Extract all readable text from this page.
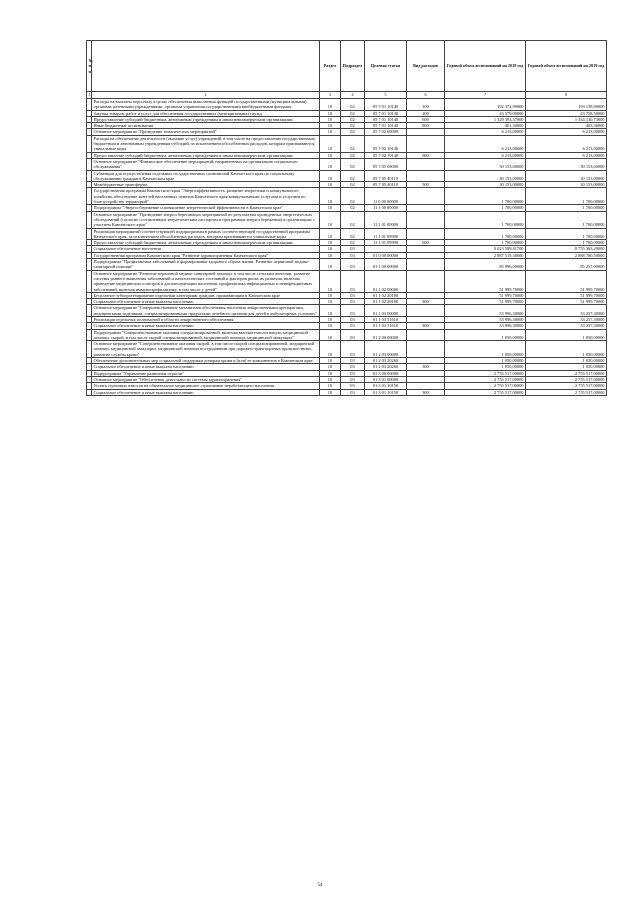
№ п/п		Раздел	Подраздел	Целевая статья	Вид расходов	Годовой объем ассигнований на 2018 год	Годовой объем ассигнований на 2019 год
1	2	3	4	5	6	7	8
	Расходы на выплаты персоналу в целях обеспечения выполнения функций государственными (муниципальными) органами, казенными учреждениями, органами управления государственными внебюджетными фондами	10	02	05 7 01 10140	100	192 372,90000	193 138,90000
	Закупка товаров, работ и услуг для обеспечения государственных (муниципальных) нужд	10	02	05 7 01 10140	200	43 579,00000	43 758,50000
	Предоставление субсидий бюджетным, автономным учреждениям и иным некоммерческим организациям	10	02	05 7 01 10140	600	1 329 393,37000	1 334 130,73000
	Иные бюджетные ассигнования	10	02	05 7 01 10140	800	401,30000	403,30000
	Основное мероприятие "Проведение тематических мероприятий"	10	02	05 7 02 00000		6 213,00000	6 213,00000
	Расходы на обеспечение деятельности (оказание услуг) учреждений, в том числе на предоставление государственным бюджетным и автономным учреждениям субсидий, за исключением обособленных расходов, которым присваиваются уникальные коды	10	02	05 7 02 10140		6 213,00000	6 213,00000
	Предоставление субсидий бюджетным, автономным учреждениям и иным некоммерческим организациям	10	02	05 7 02 10140	600	6 213,00000	6 213,00000
	Основное мероприятие "Финансовое обеспечение мероприятий, направленных на организацию социального обслуживания"	10	02	05 7 05 00000		30 153,00000	30 153,00000
	Субвенции для осуществления отдельных государственных полномочий Камчатского края по социальному обслуживанию граждан в Камчатском крае	10	02	05 7 05 40110		30 153,00000	30 153,00000
	Межбюджетные трансферты	10	02	05 7 05 40110	500	30 153,00000	30 153,00000
	Государственная программа Камчатского края "Энергоэффективность, развитие энергетики и коммунального хозяйства, обеспечение жителей населенных пунктов Камчатского края коммунальными услугами и услугами по благоустройству территорий"	10	02	11 0 00 00000		1 700,00000	1 700,00000
	Подпрограмма "Энергосбережение и повышение энергетической эффективности в Камчатском крае"	10	02	11 1 00 00000		1 700,00000	1 700,00000
	Основное мероприятие "Проведение энергосберегающих мероприятий по результатам проведенных энергетических обследований (согласно составленным энергетическим паспортам и программам энергосбережения) в организациях с участием Камчатского края"	10	02	11 1 01 00000		1 700,00000	1 700,00000
	Реализация мероприятий соответствующей подпрограммы в рамках соответствующей государственной программы Камчатского края, за исключением обособленных расходов, которым присваиваются уникальные коды	10	02	11 1 01 09990		1 700,00000	1 700,00000
	Предоставление субсидий бюджетным, автономным учреждениям и иным некоммерческим организациям	10	02	11 1 01 09990	600	1 700,00000	1 700,00000
	Социальное обеспечение населения	10	03			9 023 589,41700	8 755 363,20000
	Государственная программа Камчатского края "Развитие здравоохранения Камчатского края"	10	03	01 0 00 00000		2 887 519,30000	2 888 780,50000
	Подпрограмма "Профилактика заболеваний и формирование здорового образа жизни. Развитие первичной медико-санитарной помощи"	10	03	01 1 00 00000		85 996,00000	85 257,00000
	Основное мероприятие "Развитие первичной медико-санитарной помощи, в том числе сельским жителям, развитие системы раннего выявления заболеваний и патологических состояний и факторов риска их развития, включая проведение медицинских осмотров и диспансеризации населения, профилактика инфекционных и неинфекционных заболеваний, включая иммунопрофилактику, в том числе у детей"	10	03	01 1 02 00000		51 999,70000	51 999,70000
	Бесплатное зубопротезирование отдельным категориям граждан, проживающим в Камчатском крае	10	03	01 1 02 20180		51 999,70000	51 999,70000
	Социальное обеспечение и иные выплаты населению	10	03	01 1 02 20180	300	51 999,70000	51 999,70000
	Основное мероприятие "Совершенствование механизмов обеспечения населения лекарственными препаратами, медицинскими изделиями, специализированными продуктами лечебного питания для детей в амбулаторных условиях"	10	03	01 1 03 00000		33 996,30000	33 257,30000
	Реализация отдельных полномочий в области лекарственного обеспечения	10	03	01 1 03 51610		33 996,30000	33 257,30000
	Социальное обеспечение и иные выплаты населению	10	03	01 1 03 51610	300	33 996,30000	33 257,30000
	Подпрограмма "Совершенствование оказания специализированной, включая высокотехнологичную, медицинской помощи, скорой, в том числе скорой специализированной, медицинской помощи, медицинской эвакуации"	10	03	01 2 00 00000		1 050,00000	1 050,00000
	Основное мероприятие "Совершенствование оказания скорой, в том числе скорой специализированной, медицинской помощи, медицинской эвакуации, медицинской помощи пострадавшим при дорожно-транспортных происшествиях, развитие службы крови"	10	03	01 2 03 00000		1 050,00000	1 050,00000
	Обеспечение дополнительных мер социальной поддержки донорам крови и (или) ее компонентов в Камчатском крае	10	03	01 2 03 20260		1 050,00000	1 050,00000
	Социальное обеспечение и иные выплаты населению	10	03	01 2 03 20260	300	1 050,00000	1 050,00000
	Подпрограмма "Управление развитием отрасли"	10	03	01 3 00 00000		2 755 517,00000	2 755 517,00000
	Основное мероприятие "Обеспечение деятельности системы здравоохранения"	10	03	01 3 01 00000		2 755 517,00000	2 755 517,00000
	Уплата страховых взносов на обязательное медицинское страхование неработающего населения	10	03	01 3 01 10150		2 755 517,00000	2 755 517,00000
	Социальное обеспечение и иные выплаты населению	10	03	01 3 01 10150	300	2 755 517,00000	2 755 517,00000
54
